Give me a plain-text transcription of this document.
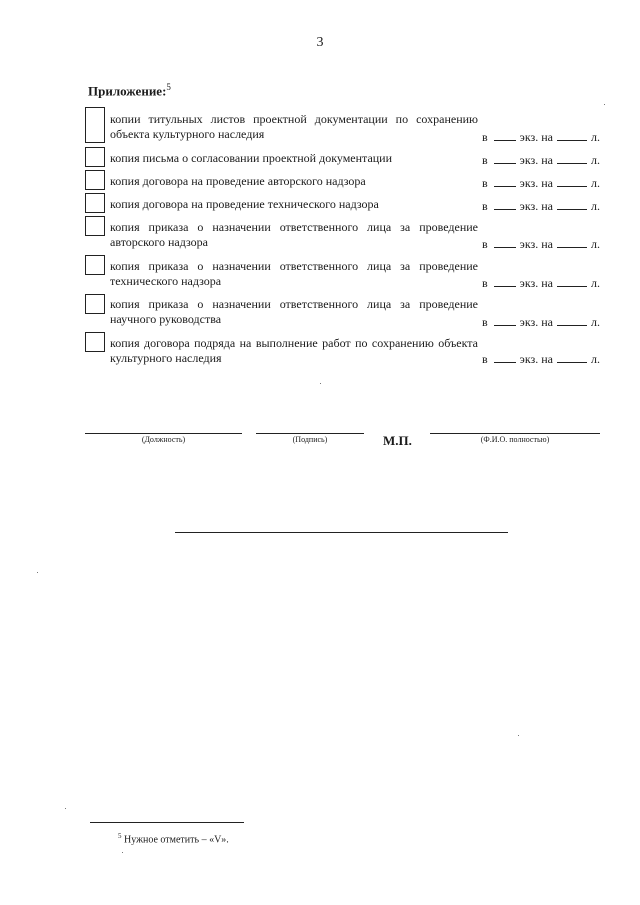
3
Приложение:$^5$
копии титульных листов проектной документации по сохранению объекта культурного наследия	в	экз. на	л.
копия письма о согласовании проектной документации	в	экз. на	л.
копия договора на проведение авторского надзора	в	экз. на	л.
копия договора на проведение технического надзора	в	экз. на	л.
копия приказа о назначении ответственного лица за проведение авторского надзора	в	экз. на	л.
копия приказа о назначении ответственного лица за проведение технического надзора	в	экз. на	л.
копия приказа о назначении ответственного лица за проведение научного руководства	в	экз. на	л.
копия договора подряда на выполнение работ по сохранению объекта культурного наследия	в	экз. на	л.
(Должность)	(Подпись)	М.П.	(Ф.И.О. полностью)
$^5$ Нужное отметить – «V».
